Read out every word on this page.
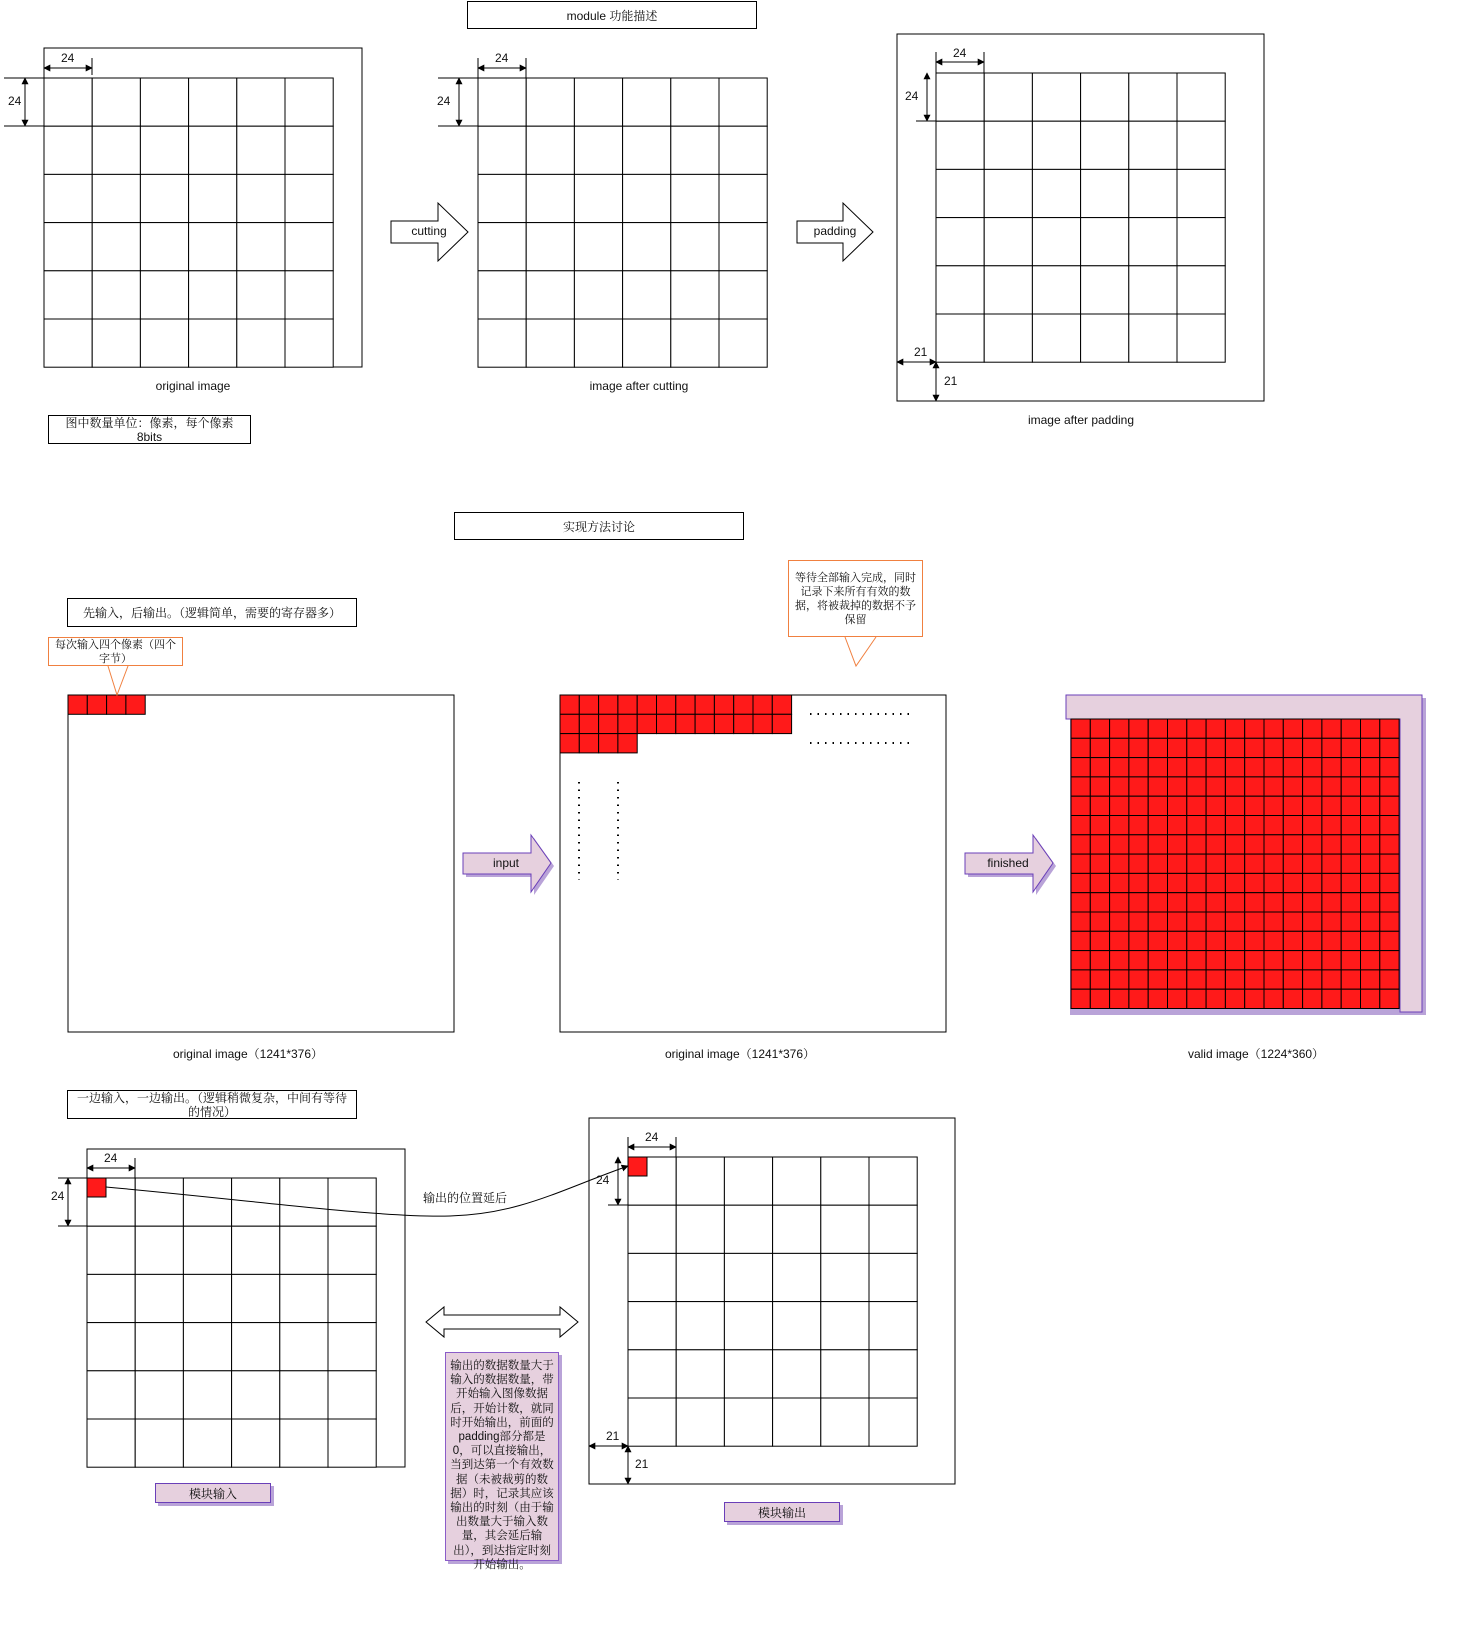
module 功能描述
实现方法讨论
24
24
24
24
24
24
21
21
cutting	padding
original image	image after cutting
image after padding
图中数量单位：像素，每个像素8bits
先输入，后输出。（逻辑简单，需要的寄存器多）
每次输入四个像素（四个字节）
等待全部输入完成，同时记录下来所有有效的数据，将被裁掉的数据不予保留
input	finished
original image（1241*376）	original image（1241*376）	valid image（1224*360）
一边输入，一边输出。（逻辑稍微复杂，中间有等待的情况）
24
24
24
24
21
21
输出的位置延后
模块输入
模块输出
输出的数据数量大于输入的数据数量，带开始输入图像数据后，开始计数，就同时开始输出，前面的padding部分都是0，可以直接输出，当到达第一个有效数据（未被裁剪的数据）时，记录其应该输出的时刻（由于输出数量大于输入数量，其会延后输出），到达指定时刻开始输出。
